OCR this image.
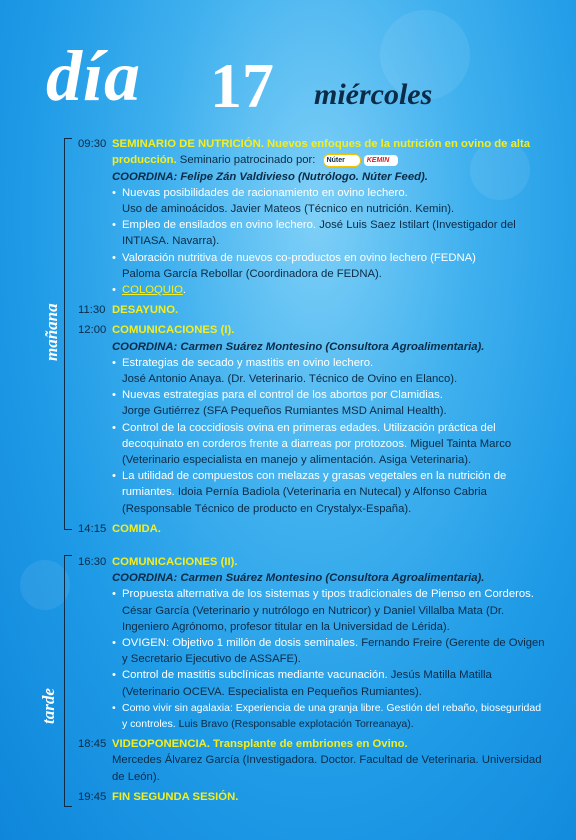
día 17 miércoles
mañana
tarde
09:30 SEMINARIO DE NUTRICIÓN. Nuevos enfoques de la nutrición en ovino de alta producción. Seminario patrocinado por: Núter	KEMIN
COORDINA: Felipe Zán Valdivieso (Nutrólogo. Núter Feed).
• Nuevas posibilidades de racionamiento en ovino lechero.
Uso de aminoácidos. Javier Mateos (Técnico en nutrición. Kemin).
• Empleo de ensilados en ovino lechero. José Luis Saez Istilart (Investigador del INTIASA. Navarra).
• Valoración nutritiva de nuevos co-productos en ovino lechero (FEDNA)
Paloma García Rebollar (Coordinadora de FEDNA).
• COLOQUIO.
11:30 DESAYUNO.
12:00 COMUNICACIONES (I).
COORDINA: Carmen Suárez Montesino (Consultora Agroalimentaria).
• Estrategias de secado y mastitis en ovino lechero.
José Antonio Anaya. (Dr. Veterinario. Técnico de Ovino en Elanco).
• Nuevas estrategias para el control de los abortos por Clamidias.
Jorge Gutiérrez (SFA Pequeños Rumiantes MSD Animal Health).
• Control de la coccidiosis ovina en primeras edades. Utilización práctica del decoquinato en corderos frente a diarreas por protozoos. Miguel Tainta Marco (Veterinario especialista en manejo y alimentación. Asiga Veterinaria).
• La utilidad de compuestos con melazas y grasas vegetales en la nutrición de rumiantes. Idoia Pernía Badiola (Veterinaria en Nutecal) y Alfonso Cabria (Responsable Técnico de producto en Crystalyx-España).
14:15 COMIDA.
16:30 COMUNICACIONES (II).
COORDINA: Carmen Suárez Montesino (Consultora Agroalimentaria).
• Propuesta alternativa de los sistemas y tipos tradicionales de Pienso en Corderos. César García (Veterinario y nutrólogo en Nutricor) y Daniel Villalba Mata (Dr. Ingeniero Agrónomo, profesor titular en la Universidad de Lérida).
• OVIGEN: Objetivo 1 millón de dosis seminales. Fernando Freire (Gerente de Ovigen y Secretario Ejecutivo de ASSAFE).
• Control de mastitis subclínicas mediante vacunación. Jesús Matilla Matilla (Veterinario OCEVA. Especialista en Pequeños Rumiantes).
• Como vivir sin agalaxia: Experiencia de una granja libre. Gestión del rebaño, bioseguridad y controles. Luis Bravo (Responsable explotación Torreanaya).
18:45 VIDEOPONENCIA. Transplante de embriones en Ovino.
Mercedes Álvarez García (Investigadora. Doctor. Facultad de Veterinaria. Universidad de León).
19:45 FIN SEGUNDA SESIÓN.
